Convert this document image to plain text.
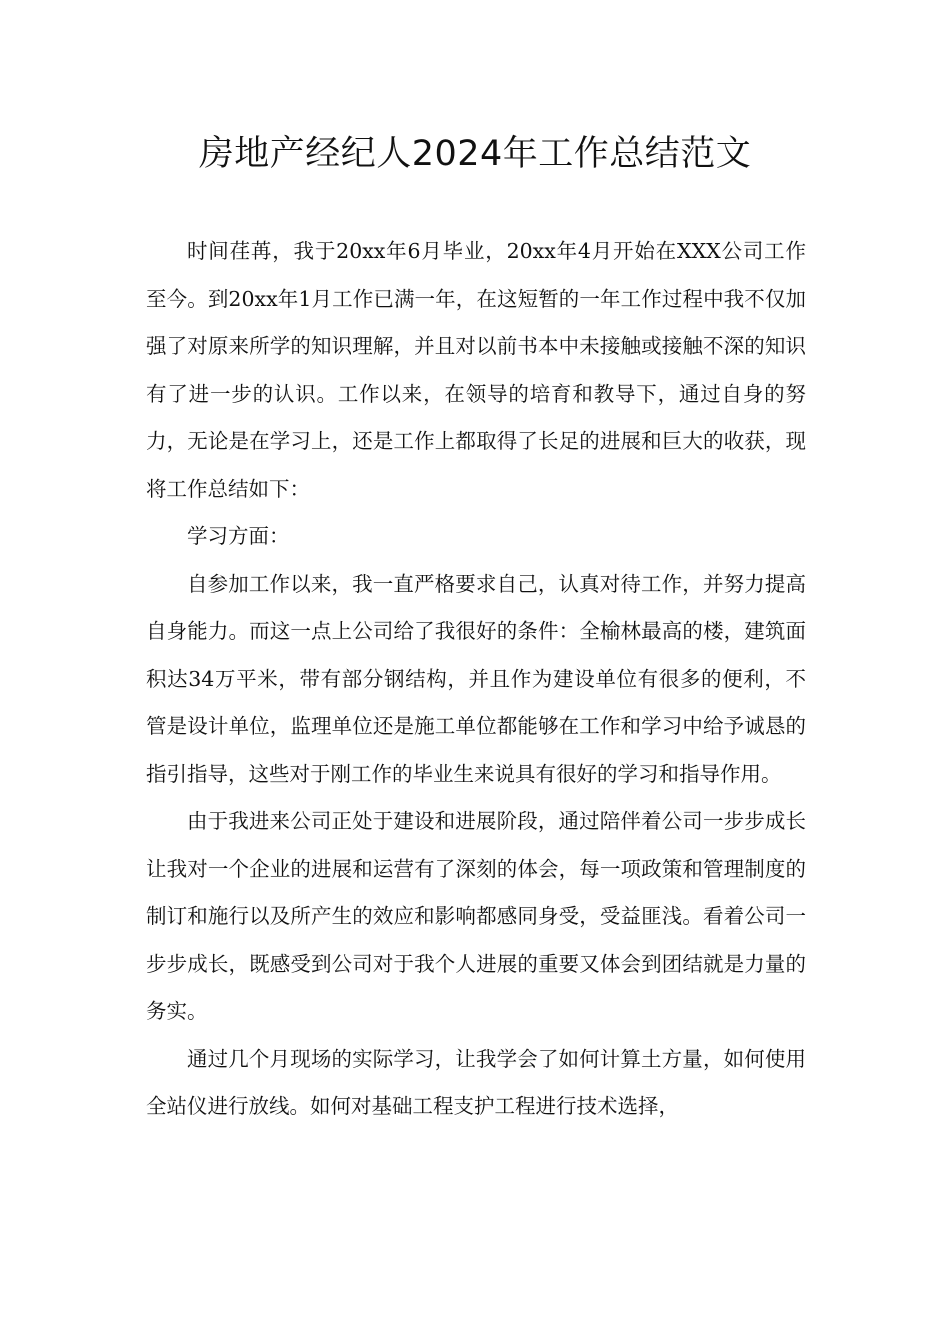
房地产经纪人2024年工作总结范文

时间荏苒，我于20xx年6月毕业，20xx年4月开始在XXX公司工作至今。到20xx年1月工作已满一年，在这短暂的一年工作过程中我不仅加强了对原来所学的知识理解，并且对以前书本中未接触或接触不深的知识有了进一步的认识。工作以来，在领导的培育和教导下，通过自身的努力，无论是在学习上，还是工作上都取得了长足的进展和巨大的收获，现将工作总结如下：

学习方面：

自参加工作以来，我一直严格要求自己，认真对待工作，并努力提高自身能力。而这一点上公司给了我很好的条件：全榆林最高的楼，建筑面积达34万平米，带有部分钢结构，并且作为建设单位有很多的便利，不管是设计单位，监理单位还是施工单位都能够在工作和学习中给予诚恳的指引指导，这些对于刚工作的毕业生来说具有很好的学习和指导作用。

由于我进来公司正处于建设和进展阶段，通过陪伴着公司一步步成长让我对一个企业的进展和运营有了深刻的体会，每一项政策和管理制度的制订和施行以及所产生的效应和影响都感同身受，受益匪浅。看着公司一步步成长，既感受到公司对于我个人进展的重要又体会到团结就是力量的务实。

通过几个月现场的实际学习，让我学会了如何计算土方量，如何使用全站仪进行放线。如何对基础工程支护工程进行技术选择，
